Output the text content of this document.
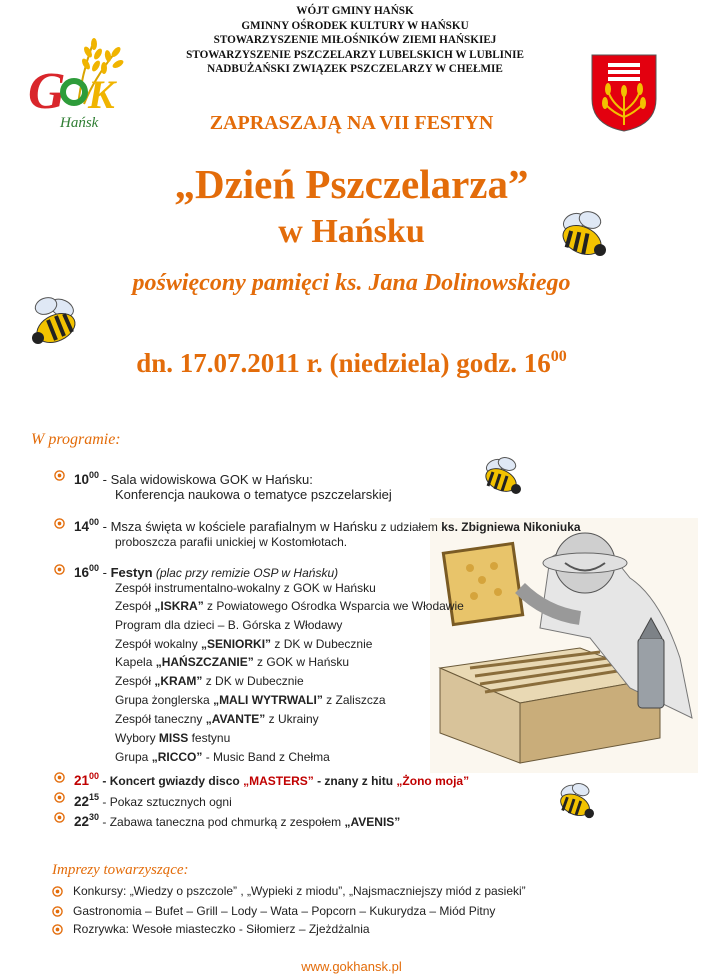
WÓJT GMINY HAŃSK
GMINNY OŚRODEK KULTURY W HAŃSKU
STOWARZYSZENIE MIŁOŚNIKÓW ZIEMI HAŃSKIEJ
STOWARZYSZENIE PSZCZELARZY LUBELSKICH W LUBLINIE
NADBUŻAŃSKI ZWIĄZEK PSZCZELARZY W CHEŁMIE
G K
Hańsk	ZAPRASZAJĄ NA VII FESTYN
„Dzień Pszczelarza”
w Hańsku
poświęcony pamięci ks. Jana Dolinowskiego
dn. 17.07.2011 r. (niedziela) godz. $16^{00}$
W programie:
$10^{00}$ - Sala widowiskowa GOK w Hańsku:
Konferencja naukowa o tematyce pszczelarskiej
$14^{00}$ - Msza święta w kościele parafialnym w Hańsku z udziałem ks. Zbigniewa Nikoniuka
proboszcza parafii unickiej w Kostomłotach.
$16^{00}$ - Festyn (plac przy remizie OSP w Hańsku)
Zespół instrumentalno-wokalny z GOK w Hańsku
Zespół „ISKRA” z Powiatowego Ośrodka Wsparcia we Włodawie
Program dla dzieci – B. Górska z Włodawy
Zespół wokalny „SENIORKI” z DK w Dubecznie
Kapela „HAŃSZCZANIE” z GOK w Hańsku
Zespół „KRAM” z DK w Dubecznie
Grupa żonglerska „MALI WYTRWALI” z Zaliszcza
Zespół taneczny „AVANTE” z Ukrainy
Wybory MISS festynu
Grupa „RICCO” - Music Band z Chełma
$21^{00}$ - Koncert gwiazdy disco „MASTERS” - znany z hitu „Żono moja”
$22^{15}$ - Pokaz sztucznych ogni
$22^{30}$ - Zabawa taneczna pod chmurką z zespołem „AVENIS”
Imprezy towarzyszące:
Konkursy: „Wiedzy o pszczole” , „Wypieki z miodu”, „Najsmaczniejszy miód z pasieki”
Gastronomia – Bufet – Grill – Lody – Wata – Popcorn – Kukurydza – Miód Pitny
Rozrywka: Wesołe miasteczko - Siłomierz – Zjeżdżalnia
www.gokhansk.pl
